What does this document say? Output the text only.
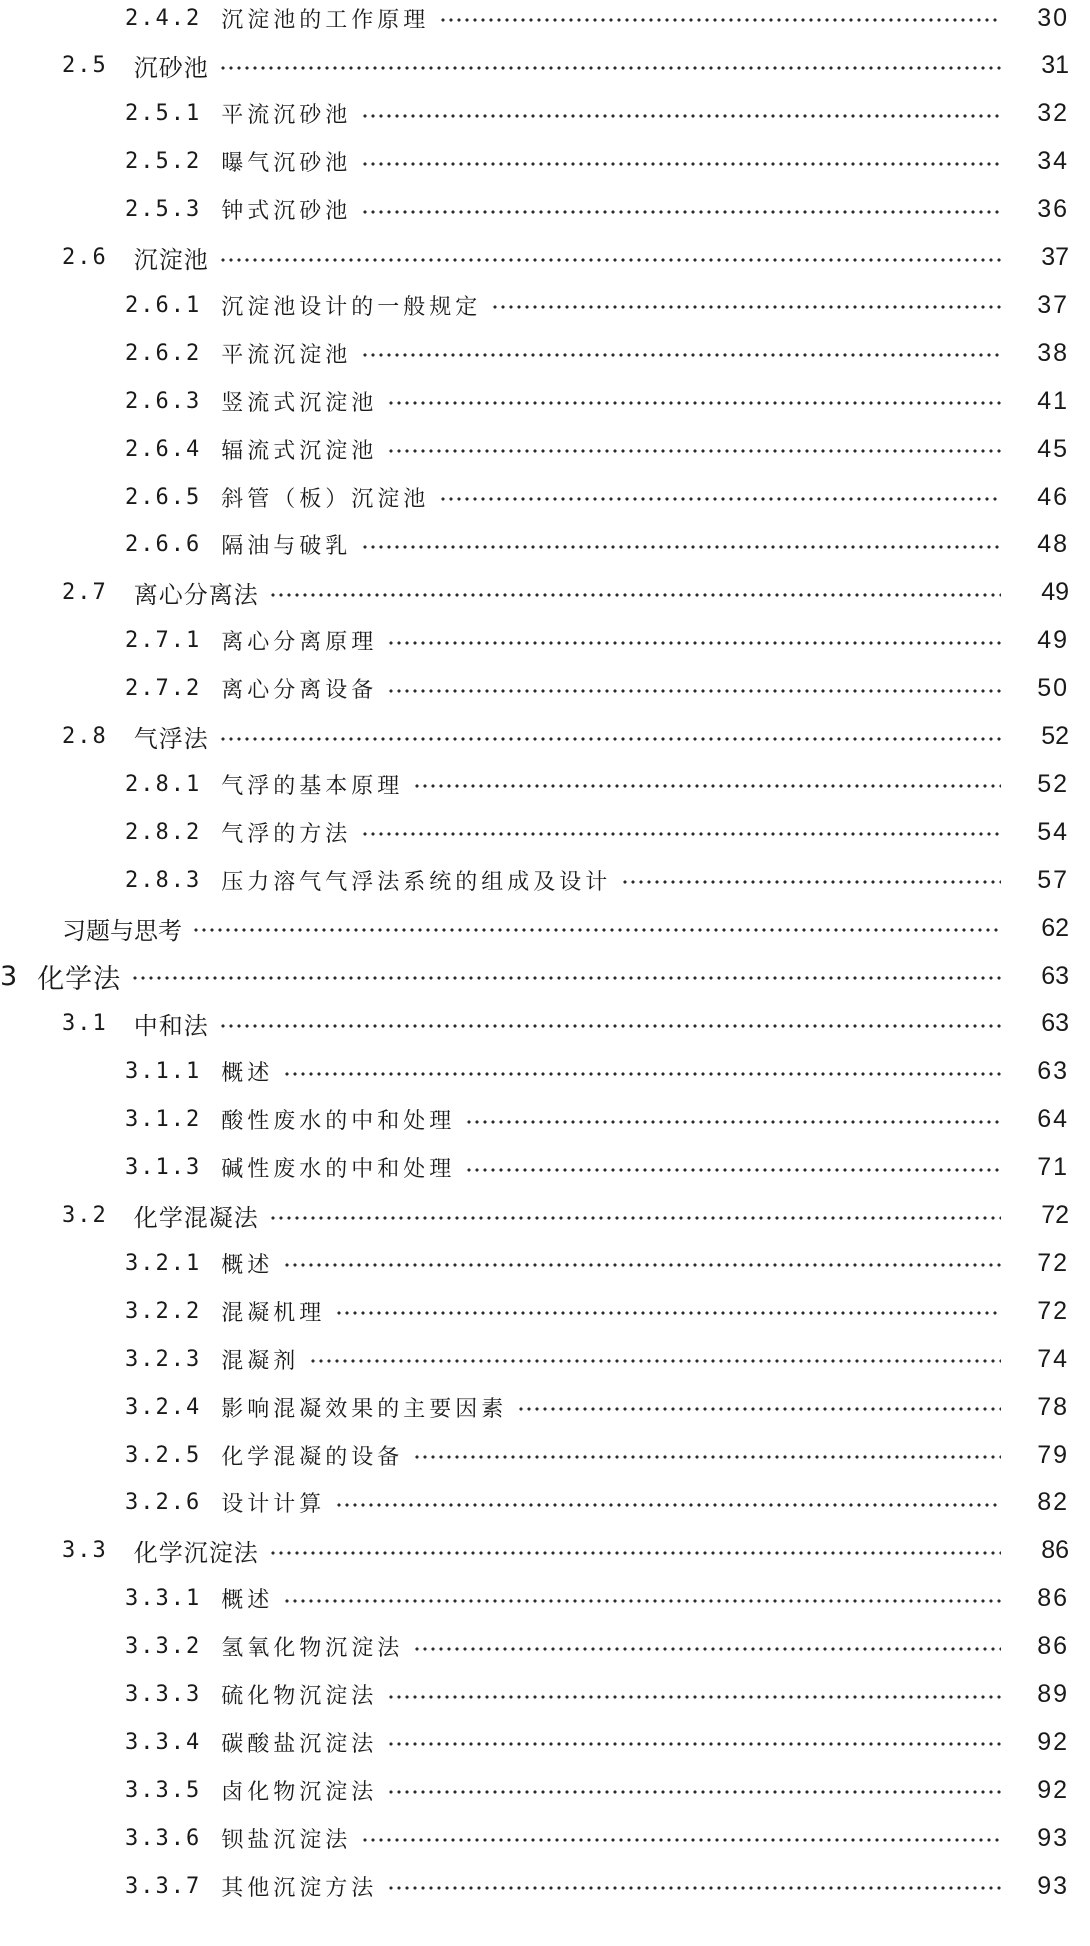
2.4.2 沉淀池的工作原理	30
2.5 沉砂池	31
2.5.1 平流沉砂池	32
2.5.2 曝气沉砂池	34
2.5.3 钟式沉砂池	36
2.6 沉淀池	37
2.6.1 沉淀池设计的一般规定	37
2.6.2 平流沉淀池	38
2.6.3 竖流式沉淀池	41
2.6.4 辐流式沉淀池	45
2.6.5 斜管（板）沉淀池	46
2.6.6 隔油与破乳	48
2.7 离心分离法	49
2.7.1 离心分离原理	49
2.7.2 离心分离设备	50
2.8 气浮法	52
2.8.1 气浮的基本原理	52
2.8.2 气浮的方法	54
2.8.3 压力溶气气浮法系统的组成及设计	57
习题与思考	62
3 化学法	63
3.1 中和法	63
3.1.1 概述	63
3.1.2 酸性废水的中和处理	64
3.1.3 碱性废水的中和处理	71
3.2 化学混凝法	72
3.2.1 概述	72
3.2.2 混凝机理	72
3.2.3 混凝剂	74
3.2.4 影响混凝效果的主要因素	78
3.2.5 化学混凝的设备	79
3.2.6 设计计算	82
3.3 化学沉淀法	86
3.3.1 概述	86
3.3.2 氢氧化物沉淀法	86
3.3.3 硫化物沉淀法	89
3.3.4 碳酸盐沉淀法	92
3.3.5 卤化物沉淀法	92
3.3.6 钡盐沉淀法	93
3.3.7 其他沉淀方法	93
